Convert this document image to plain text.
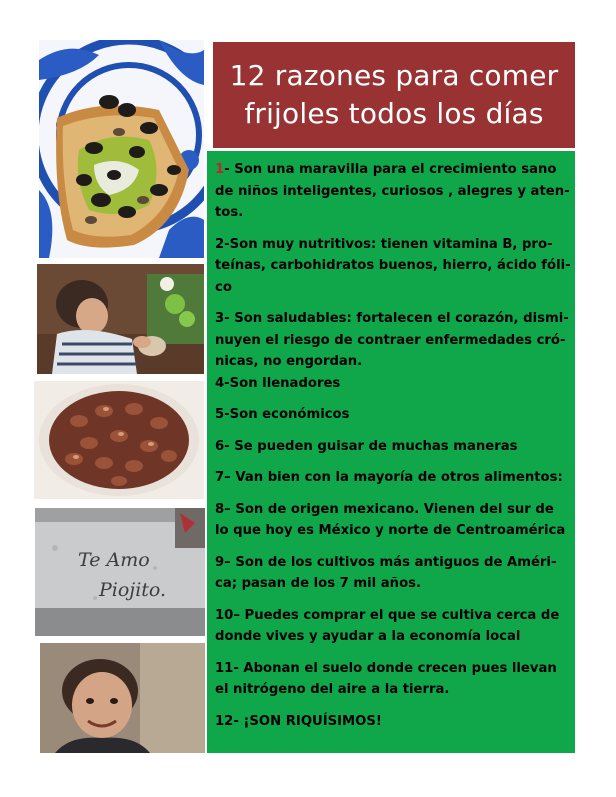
Te Amo
Piojito.
12 razones para comer
frijoles todos los días
1- Son una maravilla para el crecimiento sano
de niños inteligentes, curiosos , alegres y aten-
tos.
2-Son muy nutritivos: tienen vitamina B, pro-
teínas, carbohidratos buenos, hierro, ácido fóli-
co
3- Son saludables: fortalecen el corazón, dismi-
nuyen el riesgo de contraer enfermedades cró-
nicas, no engordan.
4-Son llenadores
5-Son económicos
6- Se pueden guisar de muchas maneras
7– Van bien con la mayoría de otros alimentos:
8– Son de origen mexicano. Vienen del sur de
lo que hoy es México y norte de Centroamérica
9– Son de los cultivos más antiguos de Améri-
ca; pasan de los 7 mil años.
10– Puedes comprar el que se cultiva cerca de
donde vives y ayudar a la economía local
11- Abonan el suelo donde crecen pues llevan
el nitrógeno del aire a la tierra.
12- ¡SON RIQUÍSIMOS!
